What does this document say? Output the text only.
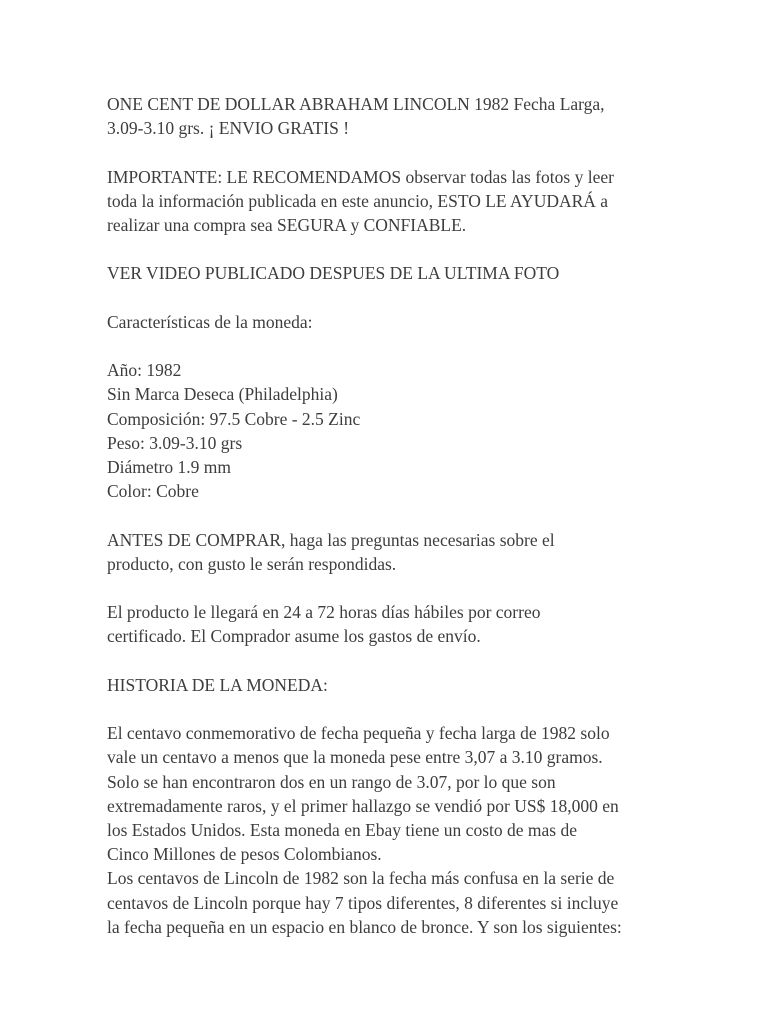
ONE CENT DE DOLLAR ABRAHAM LINCOLN 1982 Fecha Larga,
3.09-3.10 grs. ¡ ENVIO GRATIS !
IMPORTANTE: LE RECOMENDAMOS observar todas las fotos y leer
toda la información publicada en este anuncio, ESTO LE AYUDARÁ a
realizar una compra sea SEGURA y CONFIABLE.
VER VIDEO PUBLICADO DESPUES DE LA ULTIMA FOTO
Características de la moneda:
Año: 1982
Sin Marca Deseca (Philadelphia)
Composición: 97.5 Cobre - 2.5 Zinc
Peso: 3.09-3.10 grs
Diámetro 1.9 mm
Color: Cobre
ANTES DE COMPRAR, haga las preguntas necesarias sobre el
producto, con gusto le serán respondidas.
El producto le llegará en 24 a 72 horas días hábiles por correo
certificado. El Comprador asume los gastos de envío.
HISTORIA DE LA MONEDA:
El centavo conmemorativo de fecha pequeña y fecha larga de 1982 solo
vale un centavo a menos que la moneda pese entre 3,07 a 3.10 gramos.
Solo se han encontraron dos en un rango de 3.07, por lo que son
extremadamente raros, y el primer hallazgo se vendió por US$ 18,000 en
los Estados Unidos. Esta moneda en Ebay tiene un costo de mas de
Cinco Millones de pesos Colombianos.
Los centavos de Lincoln de 1982 son la fecha más confusa en la serie de
centavos de Lincoln porque hay 7 tipos diferentes, 8 diferentes si incluye
la fecha pequeña en un espacio en blanco de bronce. Y son los siguientes:
